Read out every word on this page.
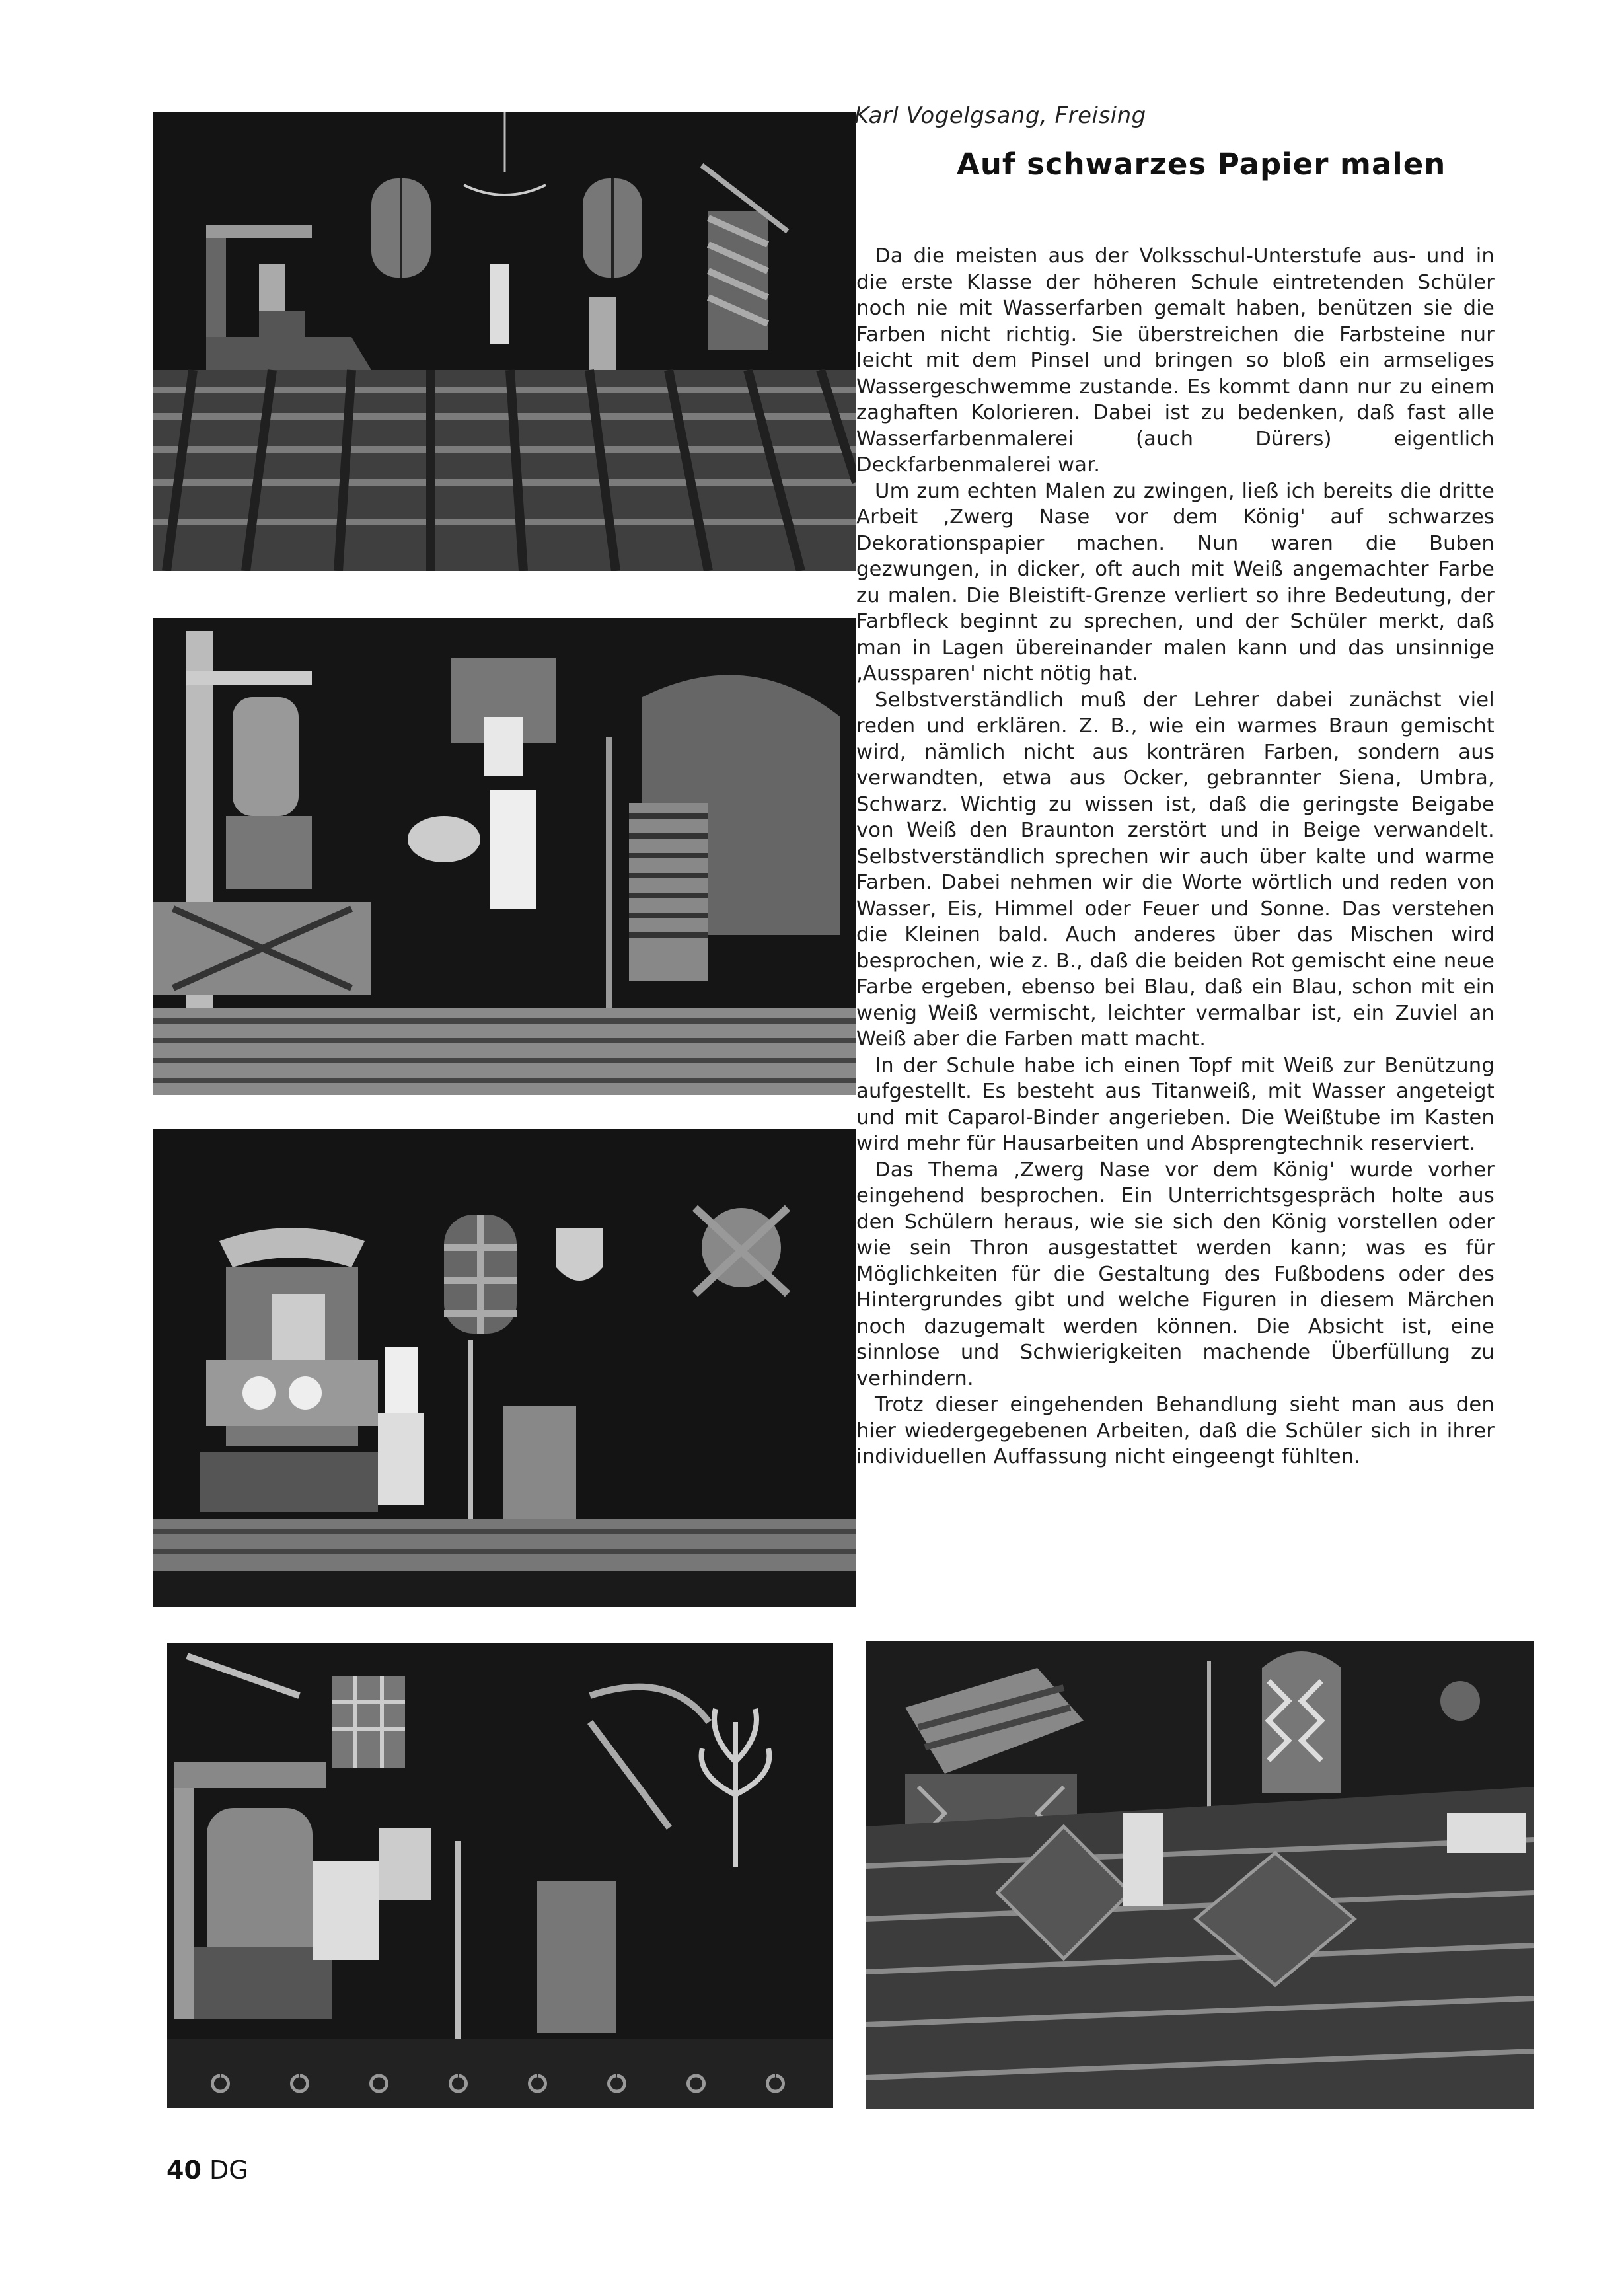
Karl Vogelgsang, Freising
Auf schwarzes Papier malen

Da die meisten aus der Volksschul-Unterstufe aus- und in die erste Klasse der höheren Schule eintretenden Schüler noch nie mit Wasserfarben gemalt haben, benützen sie die Farben nicht richtig. Sie überstreichen die Farbsteine nur leicht mit dem Pinsel und bringen so bloß ein armseliges Wassergeschwemme zustande. Es kommt dann nur zu einem zaghaften Kolorieren. Dabei ist zu bedenken, daß fast alle Wasserfarbenmalerei (auch Dürers) eigentlich Deckfarbenmalerei war.

Um zum echten Malen zu zwingen, ließ ich bereits die dritte Arbeit ‚Zwerg Nase vor dem König' auf schwarzes Dekorationspapier machen. Nun waren die Buben gezwungen, in dicker, oft auch mit Weiß angemachter Farbe zu malen. Die Bleistift-Grenze verliert so ihre Bedeutung, der Farbfleck beginnt zu sprechen, und der Schüler merkt, daß man in Lagen übereinander malen kann und das unsinnige ‚Aussparen' nicht nötig hat.

Selbstverständlich muß der Lehrer dabei zunächst viel reden und erklären. Z. B., wie ein warmes Braun gemischt wird, nämlich nicht aus konträren Farben, sondern aus verwandten, etwa aus Ocker, gebrannter Siena, Umbra, Schwarz. Wichtig zu wissen ist, daß die geringste Beigabe von Weiß den Braunton zerstört und in Beige verwandelt. Selbstverständlich sprechen wir auch über kalte und warme Farben. Dabei nehmen wir die Worte wörtlich und reden von Wasser, Eis, Himmel oder Feuer und Sonne. Das verstehen die Kleinen bald. Auch anderes über das Mischen wird besprochen, wie z. B., daß die beiden Rot gemischt eine neue Farbe ergeben, ebenso bei Blau, daß ein Blau, schon mit ein wenig Weiß vermischt, leichter vermalbar ist, ein Zuviel an Weiß aber die Farben matt macht.

In der Schule habe ich einen Topf mit Weiß zur Benützung aufgestellt. Es besteht aus Titanweiß, mit Wasser angeteigt und mit Caparol-Binder angerieben. Die Weißtube im Kasten wird mehr für Hausarbeiten und Absprengtechnik reserviert.

Das Thema ‚Zwerg Nase vor dem König' wurde vorher eingehend besprochen. Ein Unterrichtsgespräch holte aus den Schülern heraus, wie sie sich den König vorstellen oder wie sein Thron ausgestattet werden kann; was es für Möglichkeiten für die Gestaltung des Fußbodens oder des Hintergrundes gibt und welche Figuren in diesem Märchen noch dazugemalt werden können. Die Absicht ist, eine sinnlose und Schwierigkeiten machende Überfüllung zu verhindern.

Trotz dieser eingehenden Behandlung sieht man aus den hier wiedergegebenen Arbeiten, daß die Schüler sich in ihrer individuellen Auffassung nicht eingeengt fühlten.

40 DG
